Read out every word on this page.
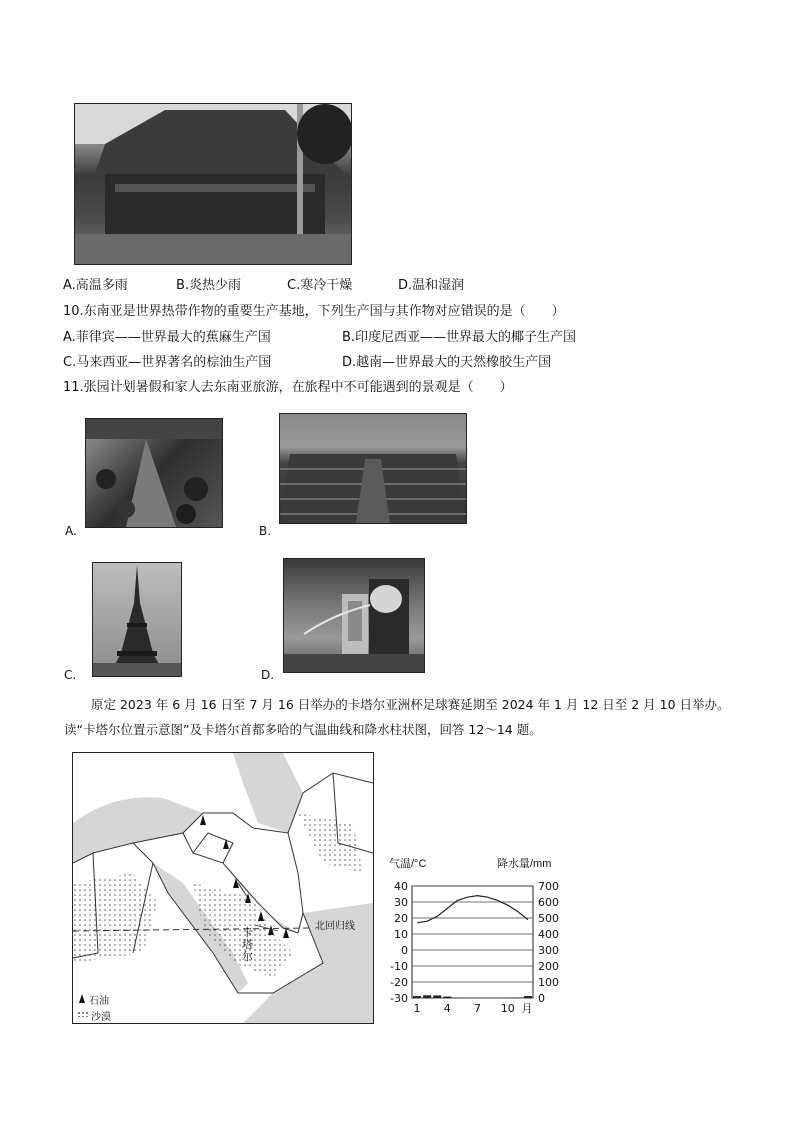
A.高温多雨	B.炎热少雨	C.寒冷干燥	D.温和湿润
10.东南亚是世界热带作物的重要生产基地，下列生产国与其作物对应错误的是（　　）
A.菲律宾——世界最大的蕉麻生产国	B.印度尼西亚——世界最大的椰子生产国
C.马来西亚—世界著名的棕油生产国	D.越南—世界最大的天然橡胶生产国
11.张园计划暑假和家人去东南亚旅游，在旅程中不可能遇到的景观是（　　）
A.	B.
C.	D.
原定 2023 年 6 月 16 日至 7 月 16 日举办的卡塔尔亚洲杯足球赛延期至 2024 年 1 月 12 日至 2 月 10 日举办。
读“卡塔尔位置示意图”及卡塔尔首都多哈的气温曲线和降水柱状图，回答 12～14 题。
北回归线
卡塔尔
石油
沙漠
40
30
20
10
0
-10
-20
-30
700
600
500
400
300
200
100
0
1 4 7 10 月
气温/°C	降水量/mm
